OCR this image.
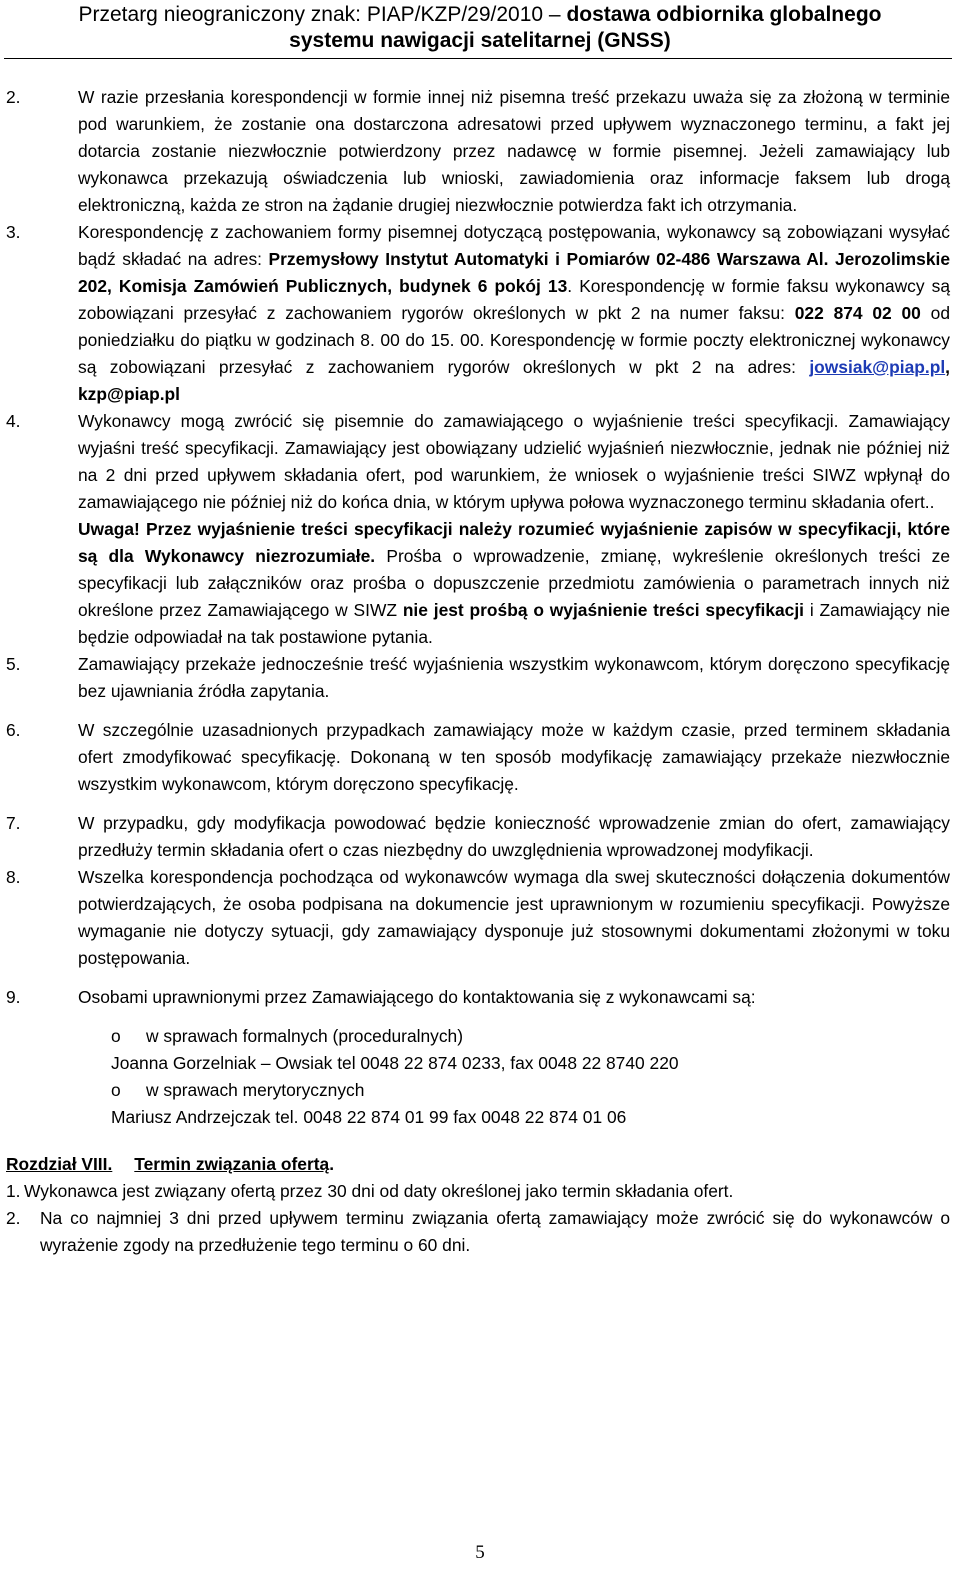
Przetarg nieograniczony znak: PIAP/KZP/29/2010 – dostawa odbiornika globalnego
systemu nawigacji satelitarnej (GNSS)
2.	W razie przesłania korespondencji w formie innej niż pisemna treść przekazu uważa się za złożoną w terminie pod warunkiem, że zostanie ona dostarczona adresatowi przed upływem wyznaczonego terminu, a fakt jej dotarcia zostanie niezwłocznie potwierdzony przez nadawcę w formie pisemnej. Jeżeli zamawiający lub wykonawca przekazują oświadczenia lub wnioski, zawiadomienia oraz informacje faksem lub drogą elektroniczną, każda ze stron na żądanie drugiej niezwłocznie potwierdza fakt ich otrzymania.
3.	Korespondencję z zachowaniem formy pisemnej dotyczącą postępowania, wykonawcy są zobowiązani wysyłać bądź składać na adres: Przemysłowy Instytut Automatyki i Pomiarów 02-486 Warszawa Al. Jerozolimskie 202, Komisja Zamówień Publicznych, budynek 6 pokój 13. Korespondencję w formie faksu wykonawcy są zobowiązani przesyłać z zachowaniem rygorów określonych w pkt 2 na numer faksu: 022 874 02 00 od poniedziałku do piątku w godzinach 8. 00 do 15. 00. Korespondencję w formie poczty elektronicznej wykonawcy są zobowiązani przesyłać z zachowaniem rygorów określonych w pkt 2 na adres: jowsiak@piap.pl, kzp@piap.pl
4.	Wykonawcy mogą zwrócić się pisemnie do zamawiającego o wyjaśnienie treści specyfikacji. Zamawiający wyjaśni treść specyfikacji. Zamawiający jest obowiązany udzielić wyjaśnień niezwłocznie, jednak nie później niż na 2 dni przed upływem składania ofert, pod warunkiem, że wniosek o wyjaśnienie treści SIWZ wpłynął do zamawiającego nie później niż do końca dnia, w którym upływa połowa wyznaczonego terminu składania ofert..
Uwaga! Przez wyjaśnienie treści specyfikacji należy rozumieć wyjaśnienie zapisów w specyfikacji, które są dla Wykonawcy niezrozumiałe. Prośba o wprowadzenie, zmianę, wykreślenie określonych treści ze specyfikacji lub załączników oraz prośba o dopuszczenie przedmiotu zamówienia o parametrach innych niż określone przez Zamawiającego w SIWZ nie jest prośbą o wyjaśnienie treści specyfikacji i Zamawiający nie będzie odpowiadał na tak postawione pytania.
5.	Zamawiający przekaże jednocześnie treść wyjaśnienia wszystkim wykonawcom, którym doręczono specyfikację bez ujawniania źródła zapytania.
6.	W szczególnie uzasadnionych przypadkach zamawiający może w każdym czasie, przed terminem składania ofert zmodyfikować specyfikację. Dokonaną w ten sposób modyfikację zamawiający przekaże niezwłocznie wszystkim wykonawcom, którym doręczono specyfikację.
7.	W przypadku, gdy modyfikacja powodować będzie konieczność wprowadzenie zmian do ofert, zamawiający przedłuży termin składania ofert o czas niezbędny do uwzględnienia wprowadzonej modyfikacji.
8.	Wszelka korespondencja pochodząca od wykonawców wymaga dla swej skuteczności dołączenia dokumentów potwierdzających, że osoba podpisana na dokumencie jest uprawnionym w rozumieniu specyfikacji. Powyższe wymaganie nie dotyczy sytuacji, gdy zamawiający dysponuje już stosownymi dokumentami złożonymi w toku postępowania.
9.	Osobami uprawnionymi przez Zamawiającego do kontaktowania się z wykonawcami są:
o w sprawach formalnych (proceduralnych)
Joanna Gorzelniak – Owsiak tel 0048 22 874 0233, fax 0048 22 8740 220
o w sprawach merytorycznych
Mariusz Andrzejczak tel. 0048 22 874 01 99 fax 0048 22 874 01 06
Rozdział VIII. Termin związania ofertą.
1. Wykonawca jest związany ofertą przez 30 dni od daty określonej jako termin składania ofert.
2. Na co najmniej 3 dni przed upływem terminu związania ofertą zamawiający może zwrócić się do wykonawców o wyrażenie zgody na przedłużenie tego terminu o 60 dni.
5
